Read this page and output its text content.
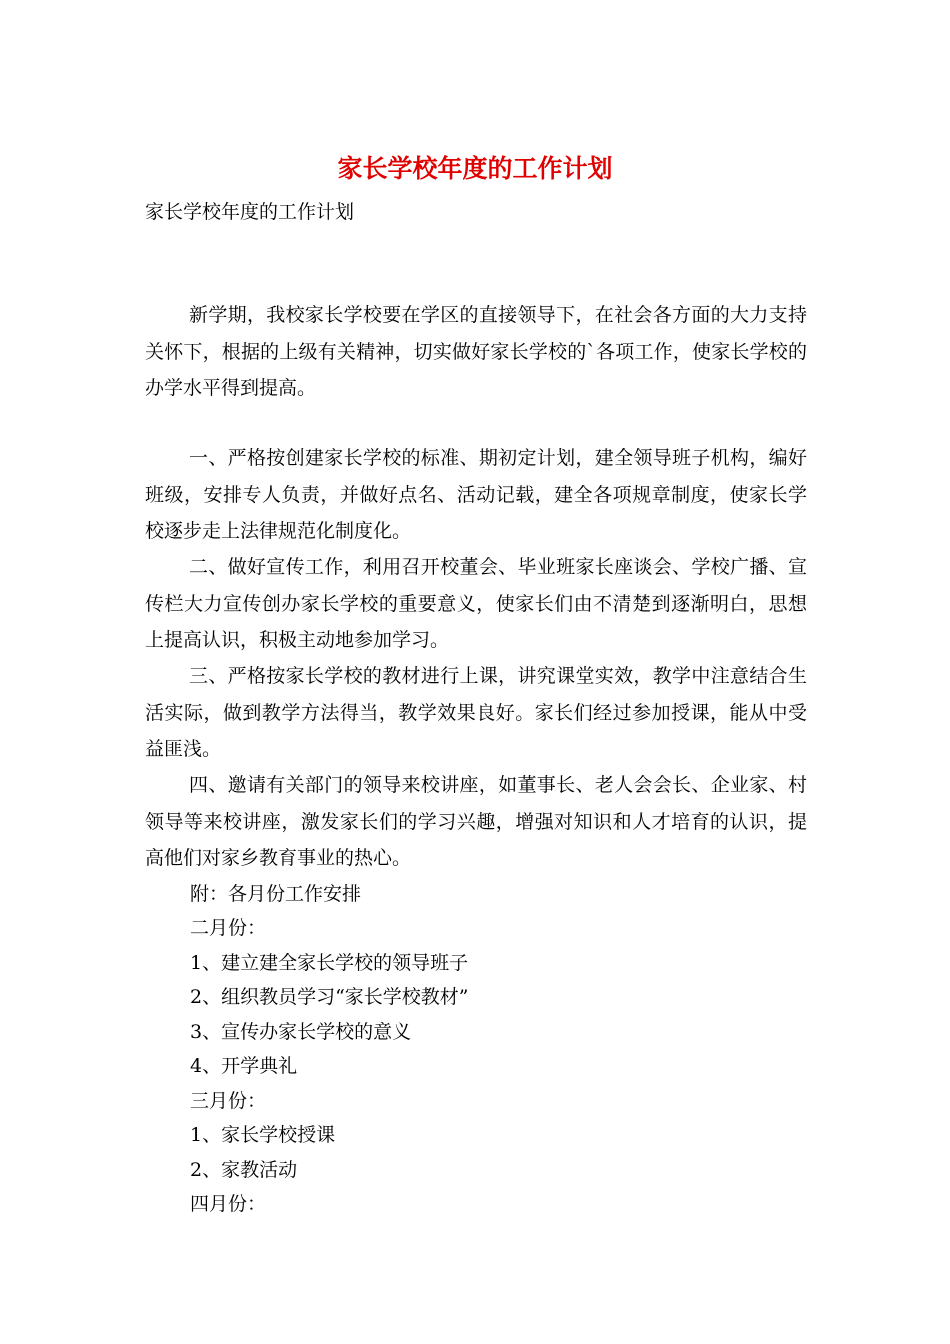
家长学校年度的工作计划

家长学校年度的工作计划

新学期，我校家长学校要在学区的直接领导下，在社会各方面的大力支持关怀下，根据的上级有关精神，切实做好家长学校的`各项工作，使家长学校的办学水平得到提高。

一、严格按创建家长学校的标准、期初定计划，建全领导班子机构，编好班级，安排专人负责，并做好点名、活动记载，建全各项规章制度，使家长学校逐步走上法律规范化制度化。

二、做好宣传工作，利用召开校董会、毕业班家长座谈会、学校广播、宣传栏大力宣传创办家长学校的重要意义，使家长们由不清楚到逐渐明白，思想上提高认识，积极主动地参加学习。

三、严格按家长学校的教材进行上课，讲究课堂实效，教学中注意结合生活实际，做到教学方法得当，教学效果良好。家长们经过参加授课，能从中受益匪浅。

四、邀请有关部门的领导来校讲座，如董事长、老人会会长、企业家、村领导等来校讲座，激发家长们的学习兴趣，增强对知识和人才培育的认识，提高他们对家乡教育事业的热心。

附：各月份工作安排

二月份：

1、建立建全家长学校的领导班子

2、组织教员学习“家长学校教材”

3、宣传办家长学校的意义

4、开学典礼

三月份：

1、家长学校授课

2、家教活动

四月份：
